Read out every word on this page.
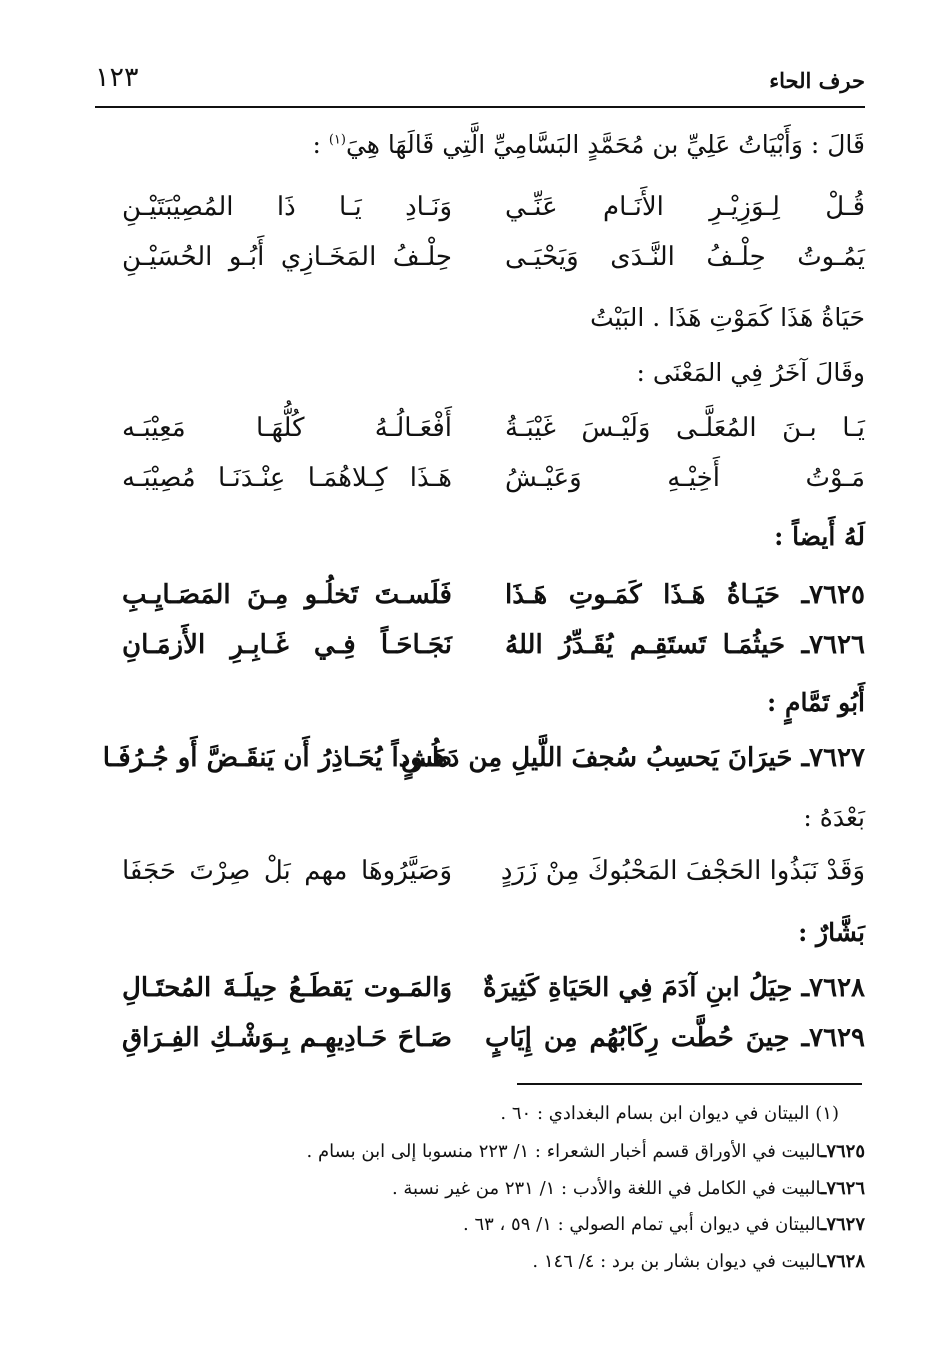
حرف الحاء
١٢٣
قَالَ : وَأَبْيَاتُ عَلِيِّ بن مُحَمَّدٍ البَسَّامِيِّ الَّتِي قَالَهَا هِيَ$^{(١)}$ :
قُـلْ لِـوَزِيْـرِ الأَنَـام عَنِّـي
وَنَـادِ يَـا ذَا المُصِيْبَتَيْـنِ
يَمُـوتُ حِلْـفُ النَّـدَى وَيَحْيَـى
حِلْـفُ المَخَـازِي أَبُـو الحُسَيْـنِ
حَيَاةُ هَذَا كَمَوْتِ هَذَا . البَيْتُ
وقَالَ آخَرُ فِي المَعْنَى :
يَـا بـنَ المُعَلَّـى وَلَيْـسَ غَيْبَـةُ
أَفْعَـالُـهُ كُلُّهَـا مَعِيْبَـه
مَـوْتُ أَخِيْـهِ وَعَيْـشُ
هَـذَا كِـلاهُمَـا عِنْـدَنَـا مُصِيْبَـه
لَهُ أَيضاً :
٧٦٢٥ـ حَيَـاةُ هَـذَا كَمَـوتِ هَـذَا
فَلَسـتَ تَخلُـو مِـنَ المَصَـايِـبِ
٧٦٢٦ـ حَيثُمَـا تَستَقِـم يُقَـدِّرُ اللهُ
نَجَـاحَـاً فِـي غَـابِـرِ الأَزمَـانِ
أَبُو تَمَّامٍ :
٧٦٢٧ـ حَيرَانَ يَحسِبُ سُجفَ اللَّيلِ مِن دَهَشٍ
طُـوداً يُحَـاذِرُ أَن يَنقَـضَّ أَو جُـرُفَـا
بَعْدَهُ :
وَقَدْ نَبَذُوا الحَجْفَ المَحْبُوكَ مِنْ زَرَدٍ
وَصَيَّرُوهَا مهم بَلْ صِرْتَ حَجَفَا
بَشَّارٌ :
٧٦٢٨ـ حِيَلُ ابنِ آدَمَ فِي الحَيَاةِ كَثِيرَةٌ
وَالمَـوت يَقطَـعُ حِيلَـةَ المُحتَـالِ
٧٦٢٩ـ حِينَ حُطَّت رِكَابُهُم مِن إِيَابٍ
صَـاحَ حَـادِيهِـم بِـوَشْـكِ الفِـرَاقِ
(١) البيتان في ديوان ابن بسام البغدادي : ٦٠ .
٧٦٢٥ـالبيت في الأوراق قسم أخبار الشعراء : ١/ ٢٢٣ منسوبا إلى ابن بسام .
٧٦٢٦ـالبيت في الكامل في اللغة والأدب : ١/ ٢٣١ من غير نسبة .
٧٦٢٧ـالبيتان في ديوان أبي تمام الصولي : ١/ ٥٩ ، ٦٣ .
٧٦٢٨ـالبيت في ديوان بشار بن برد : ٤/ ١٤٦ .
